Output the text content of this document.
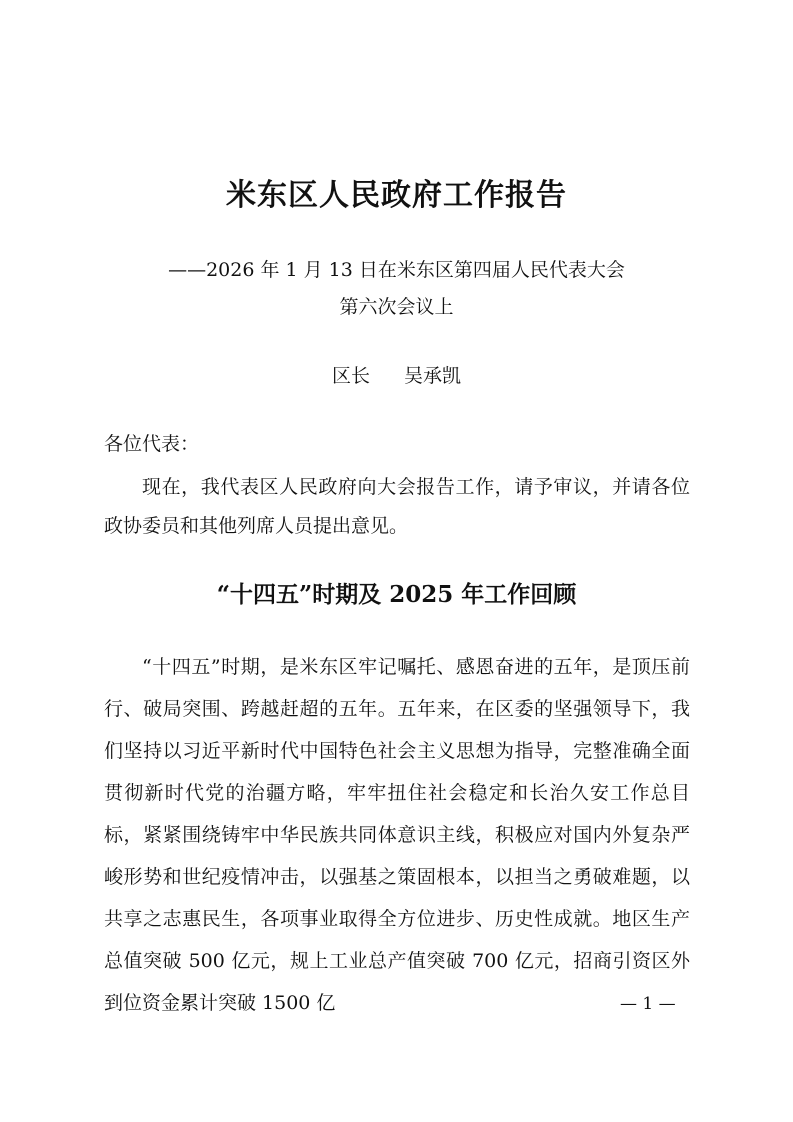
米东区人民政府工作报告
——2026 年 1 月 13 日在米东区第四届人民代表大会
第六次会议上
区长 吴承凯
各位代表：
现在，我代表区人民政府向大会报告工作，请予审议，并请各位政协委员和其他列席人员提出意见。
“十四五”时期及 2025 年工作回顾
“十四五”时期，是米东区牢记嘱托、感恩奋进的五年，是顶压前行、破局突围、跨越赶超的五年。五年来，在区委的坚强领导下，我们坚持以习近平新时代中国特色社会主义思想为指导，完整准确全面贯彻新时代党的治疆方略，牢牢扭住社会稳定和长治久安工作总目标，紧紧围绕铸牢中华民族共同体意识主线，积极应对国内外复杂严峻形势和世纪疫情冲击，以强基之策固根本，以担当之勇破难题，以共享之志惠民生，各项事业取得全方位进步、历史性成就。地区生产总值突破 500 亿元，规上工业总产值突破 700 亿元，招商引资区外到位资金累计突破 1500 亿	— 1 —
